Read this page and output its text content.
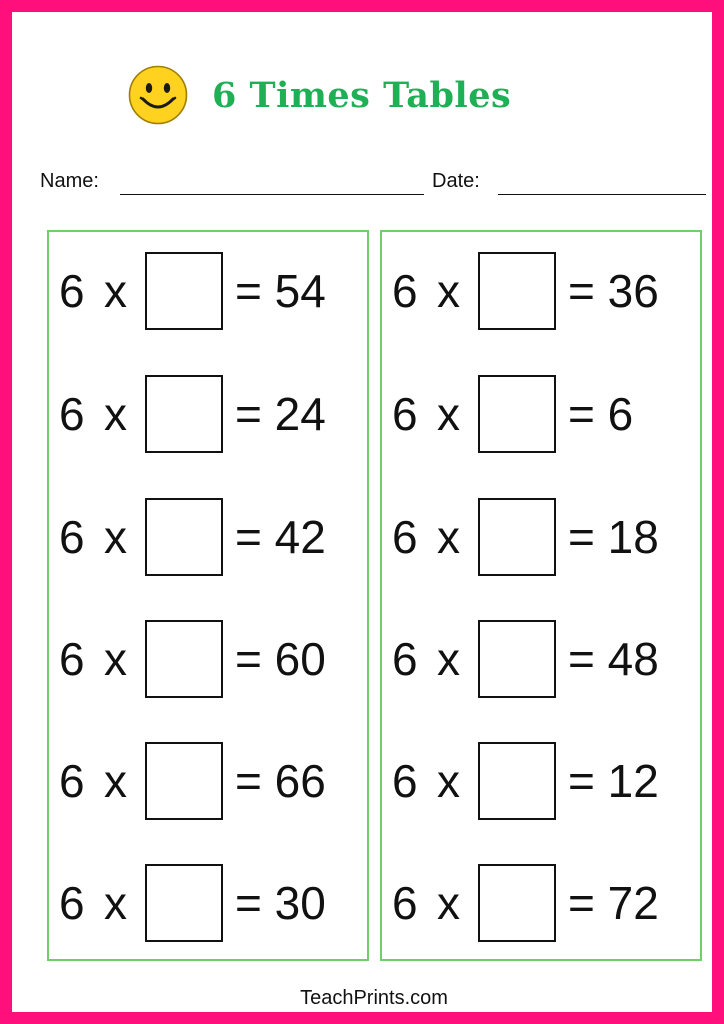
6 Times Tables
Name:	Date:
6 x = 54
6 x = 24
6 x = 42
6 x = 60
6 x = 66
6 x = 30
6 x = 36
6 x = 6
6 x = 18
6 x = 48
6 x = 12
6 x = 72
TeachPrints.com
